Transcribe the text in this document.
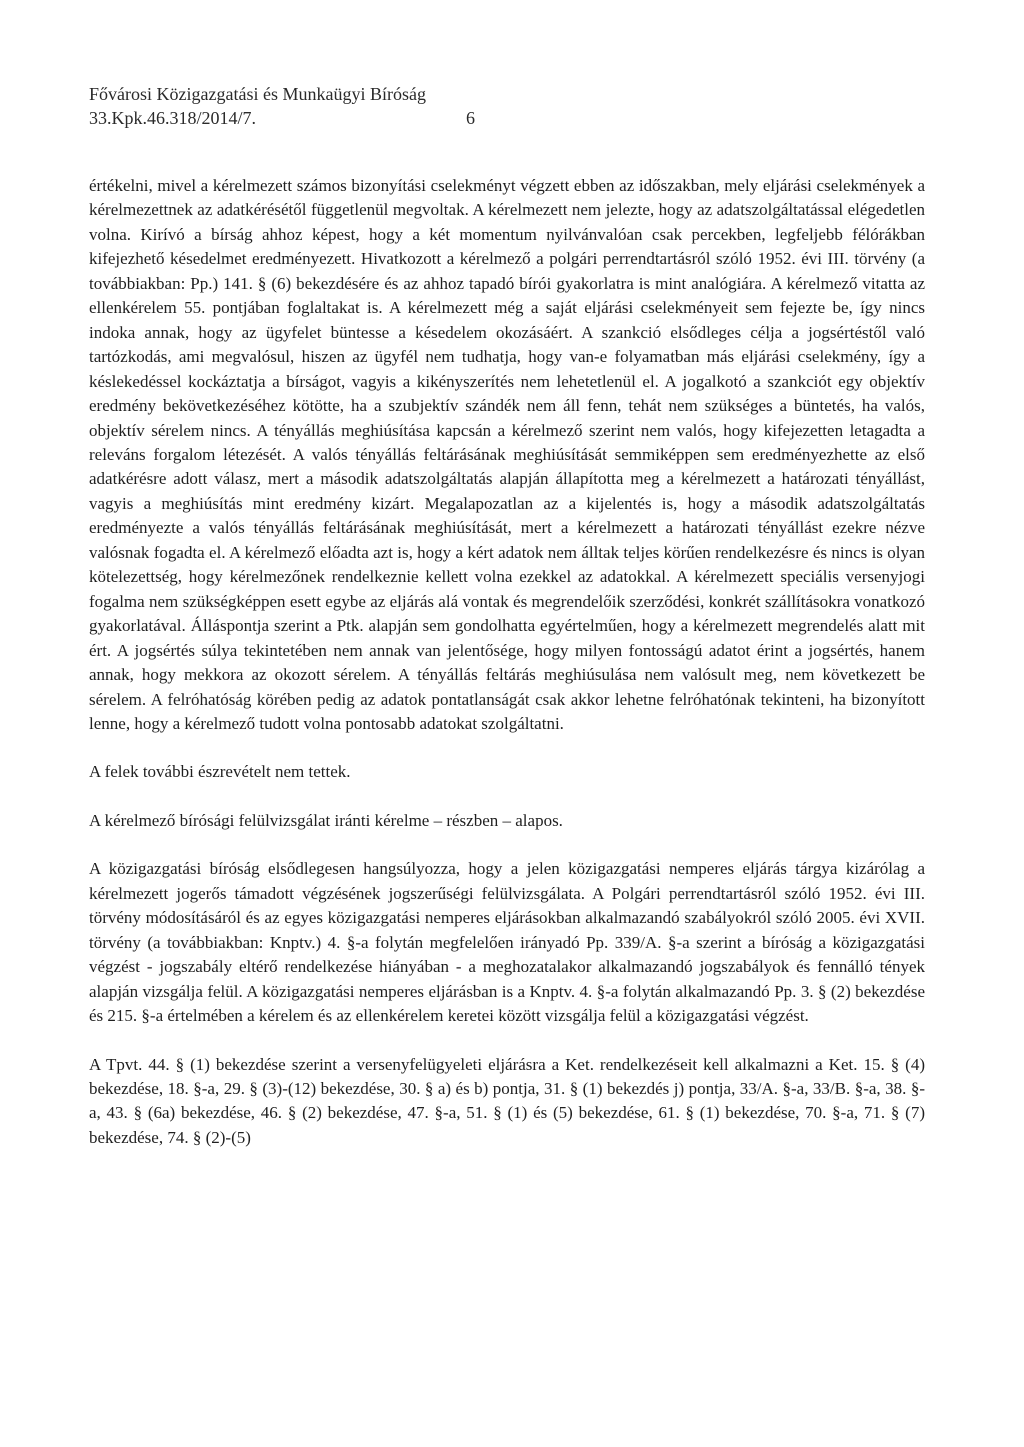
Fővárosi Közigazgatási és Munkaügyi Bíróság
33.Kpk.46.318/2014/7.	6

értékelni, mivel a kérelmezett számos bizonyítási cselekményt végzett ebben az időszakban, mely eljárási cselekmények a kérelmezettnek az adatkérésétől függetlenül megvoltak. A kérelmezett nem jelezte, hogy az adatszolgáltatással elégedetlen volna. Kirívó a bírság ahhoz képest, hogy a két momentum nyilvánvalóan csak percekben, legfeljebb félórákban kifejezhető késedelmet eredményezett. Hivatkozott a kérelmező a polgári perrendtartásról szóló 1952. évi III. törvény (a továbbiakban: Pp.) 141. § (6) bekezdésére és az ahhoz tapadó bírói gyakorlatra is mint analógiára. A kérelmező vitatta az ellenkérelem 55. pontjában foglaltakat is. A kérelmezett még a saját eljárási cselekményeit sem fejezte be, így nincs indoka annak, hogy az ügyfelet büntesse a késedelem okozásáért. A szankció elsődleges célja a jogsértéstől való tartózkodás, ami megvalósul, hiszen az ügyfél nem tudhatja, hogy van-e folyamatban más eljárási cselekmény, így a késlekedéssel kockáztatja a bírságot, vagyis a kikényszerítés nem lehetetlenül el. A jogalkotó a szankciót egy objektív eredmény bekövetkezéséhez kötötte, ha a szubjektív szándék nem áll fenn, tehát nem szükséges a büntetés, ha valós, objektív sérelem nincs. A tényállás meghiúsítása kapcsán a kérelmező szerint nem valós, hogy kifejezetten letagadta a releváns forgalom létezését. A valós tényállás feltárásának meghiúsítását semmiképpen sem eredményezhette az első adatkérésre adott válasz, mert a második adatszolgáltatás alapján állapította meg a kérelmezett a határozati tényállást, vagyis a meghiúsítás mint eredmény kizárt. Megalapozatlan az a kijelentés is, hogy a második adatszolgáltatás eredményezte a valós tényállás feltárásának meghiúsítását, mert a kérelmezett a határozati tényállást ezekre nézve valósnak fogadta el. A kérelmező előadta azt is, hogy a kért adatok nem álltak teljes körűen rendelkezésre és nincs is olyan kötelezettség, hogy kérelmezőnek rendelkeznie kellett volna ezekkel az adatokkal. A kérelmezett speciális versenyjogi fogalma nem szükségképpen esett egybe az eljárás alá vontak és megrendelőik szerződési, konkrét szállításokra vonatkozó gyakorlatával. Álláspontja szerint a Ptk. alapján sem gondolhatta egyértelműen, hogy a kérelmezett megrendelés alatt mit ért. A jogsértés súlya tekintetében nem annak van jelentősége, hogy milyen fontosságú adatot érint a jogsértés, hanem annak, hogy mekkora az okozott sérelem. A tényállás feltárás meghiúsulása nem valósult meg, nem következett be sérelem. A felróhatóság körében pedig az adatok pontatlanságát csak akkor lehetne felróhatónak tekinteni, ha bizonyított lenne, hogy a kérelmező tudott volna pontosabb adatokat szolgáltatni.

A felek további észrevételt nem tettek.

A kérelmező bírósági felülvizsgálat iránti kérelme – részben – alapos.

A közigazgatási bíróság elsődlegesen hangsúlyozza, hogy a jelen közigazgatási nemperes eljárás tárgya kizárólag a kérelmezett jogerős támadott végzésének jogszerűségi felülvizsgálata. A Polgári perrendtartásról szóló 1952. évi III. törvény módosításáról és az egyes közigazgatási nemperes eljárásokban alkalmazandó szabályokról szóló 2005. évi XVII. törvény (a továbbiakban: Knptv.) 4. §-a folytán megfelelően irányadó Pp. 339/A. §-a szerint a bíróság a közigazgatási végzést - jogszabály eltérő rendelkezése hiányában - a meghozatalakor alkalmazandó jogszabályok és fennálló tények alapján vizsgálja felül. A közigazgatási nemperes eljárásban is a Knptv. 4. §-a folytán alkalmazandó Pp. 3. § (2) bekezdése és 215. §-a értelmében a kérelem és az ellenkérelem keretei között vizsgálja felül a közigazgatási végzést.

A Tpvt. 44. § (1) bekezdése szerint a versenyfelügyeleti eljárásra a Ket. rendelkezéseit kell alkalmazni a Ket. 15. § (4) bekezdése, 18. §-a, 29. § (3)-(12) bekezdése, 30. § a) és b) pontja, 31. § (1) bekezdés j) pontja, 33/A. §-a, 33/B. §-a, 38. §-a, 43. § (6a) bekezdése, 46. § (2) bekezdése, 47. §-a, 51. § (1) és (5) bekezdése, 61. § (1) bekezdése, 70. §-a, 71. § (7) bekezdése, 74. § (2)-(5)
